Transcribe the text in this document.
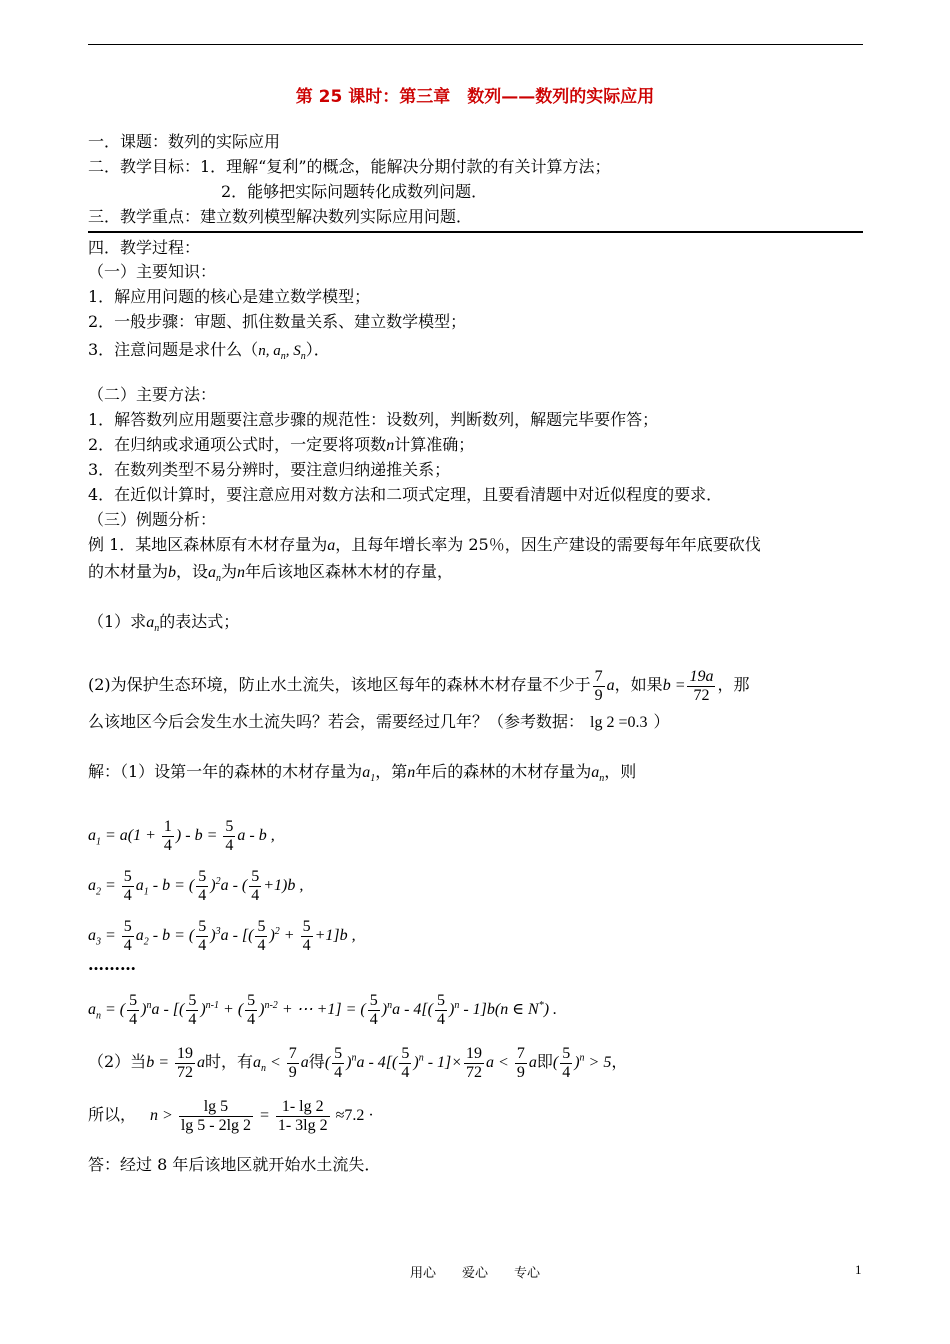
第 25 课时：第三章　数列——数列的实际应用
一．课题：数列的实际应用
二．教学目标：1．理解“复利”的概念，能解决分期付款的有关计算方法；
2．能够把实际问题转化成数列问题．
三．教学重点：建立数列模型解决数列实际应用问题．
四．教学过程：
（一）主要知识：
1．解应用问题的核心是建立数学模型；
2．一般步骤：审题、抓住数量关系、建立数学模型；
3．注意问题是求什么（n, $a_n$, $S_n$）．
（二）主要方法：
1．解答数列应用题要注意步骤的规范性：设数列，判断数列，解题完毕要作答；
2．在归纳或求通项公式时，一定要将项数n计算准确；
3．在数列类型不易分辨时，要注意归纳递推关系；
4．在近似计算时，要注意应用对数方法和二项式定理，且要看清题中对近似程度的要求．
（三）例题分析：
例 1．某地区森林原有木材存量为a，且每年增长率为 25％，因生产建设的需要每年年底要砍伐
的木材量为b，设$a_n$为n年后该地区森林木材的存量，
（1）求$a_n$的表达式；
(2)为保护生态环境，防止水土流失，该地区每年的森林木材存量不少于 $\frac{7}{9}$ a，如果$b = \frac{19a}{72}$ ，那
么该地区今后会发生水土流失吗？若会，需要经过几年？（参考数据： lg 2 =0.3 ）
解：（1）设第一年的森林的木材存量为$a_1$，第n年后的森林的木材存量为$a_n$，则
$a_1 = a(1 + \frac{1}{4}$ ) - $b = \frac{5}{4}$ a - b ,
$a_2 = \frac{5}{4} a_1 - b$ = ( $\frac{5}{4} )^2a$ - ( $\frac{5}{4} +1)b$ ,
$a_3 = \frac{5}{4} a_2 - b$ = ( $\frac{5}{4} )^3a$ - [( $\frac{5}{4} )^2 + \frac{5}{4} +1]b$ ,
………
$a_n$ = ( $\frac{5}{4} )^na$ - [( $\frac{5}{4} )^{n-1}$ + ( $\frac{5}{4} )^{n-2}$ + ⋯ +1] = ( $\frac{5}{4} )^na - 4[( \frac{5}{4} )^n - 1]b(n$ ∈ N*) .
（2）当$b = \frac{19}{72}$ a时，有$a_n < \frac{7}{9}$ a得( $\frac{5}{4} )^na - 4[( \frac{5}{4} )^n - 1]\times \frac{19}{72}$ $a < \frac{7}{9}$ a即( $\frac{5}{4} )^n > 5$，
所以， $n > \frac{\lg 5}{\lg 5 - 2\lg 2} = \frac{1- \lg 2}{1- 3\lg 2} \approx 7.2$ ·
答：经过 8 年后该地区就开始水土流失．
用心　　爱心　　专心	1
